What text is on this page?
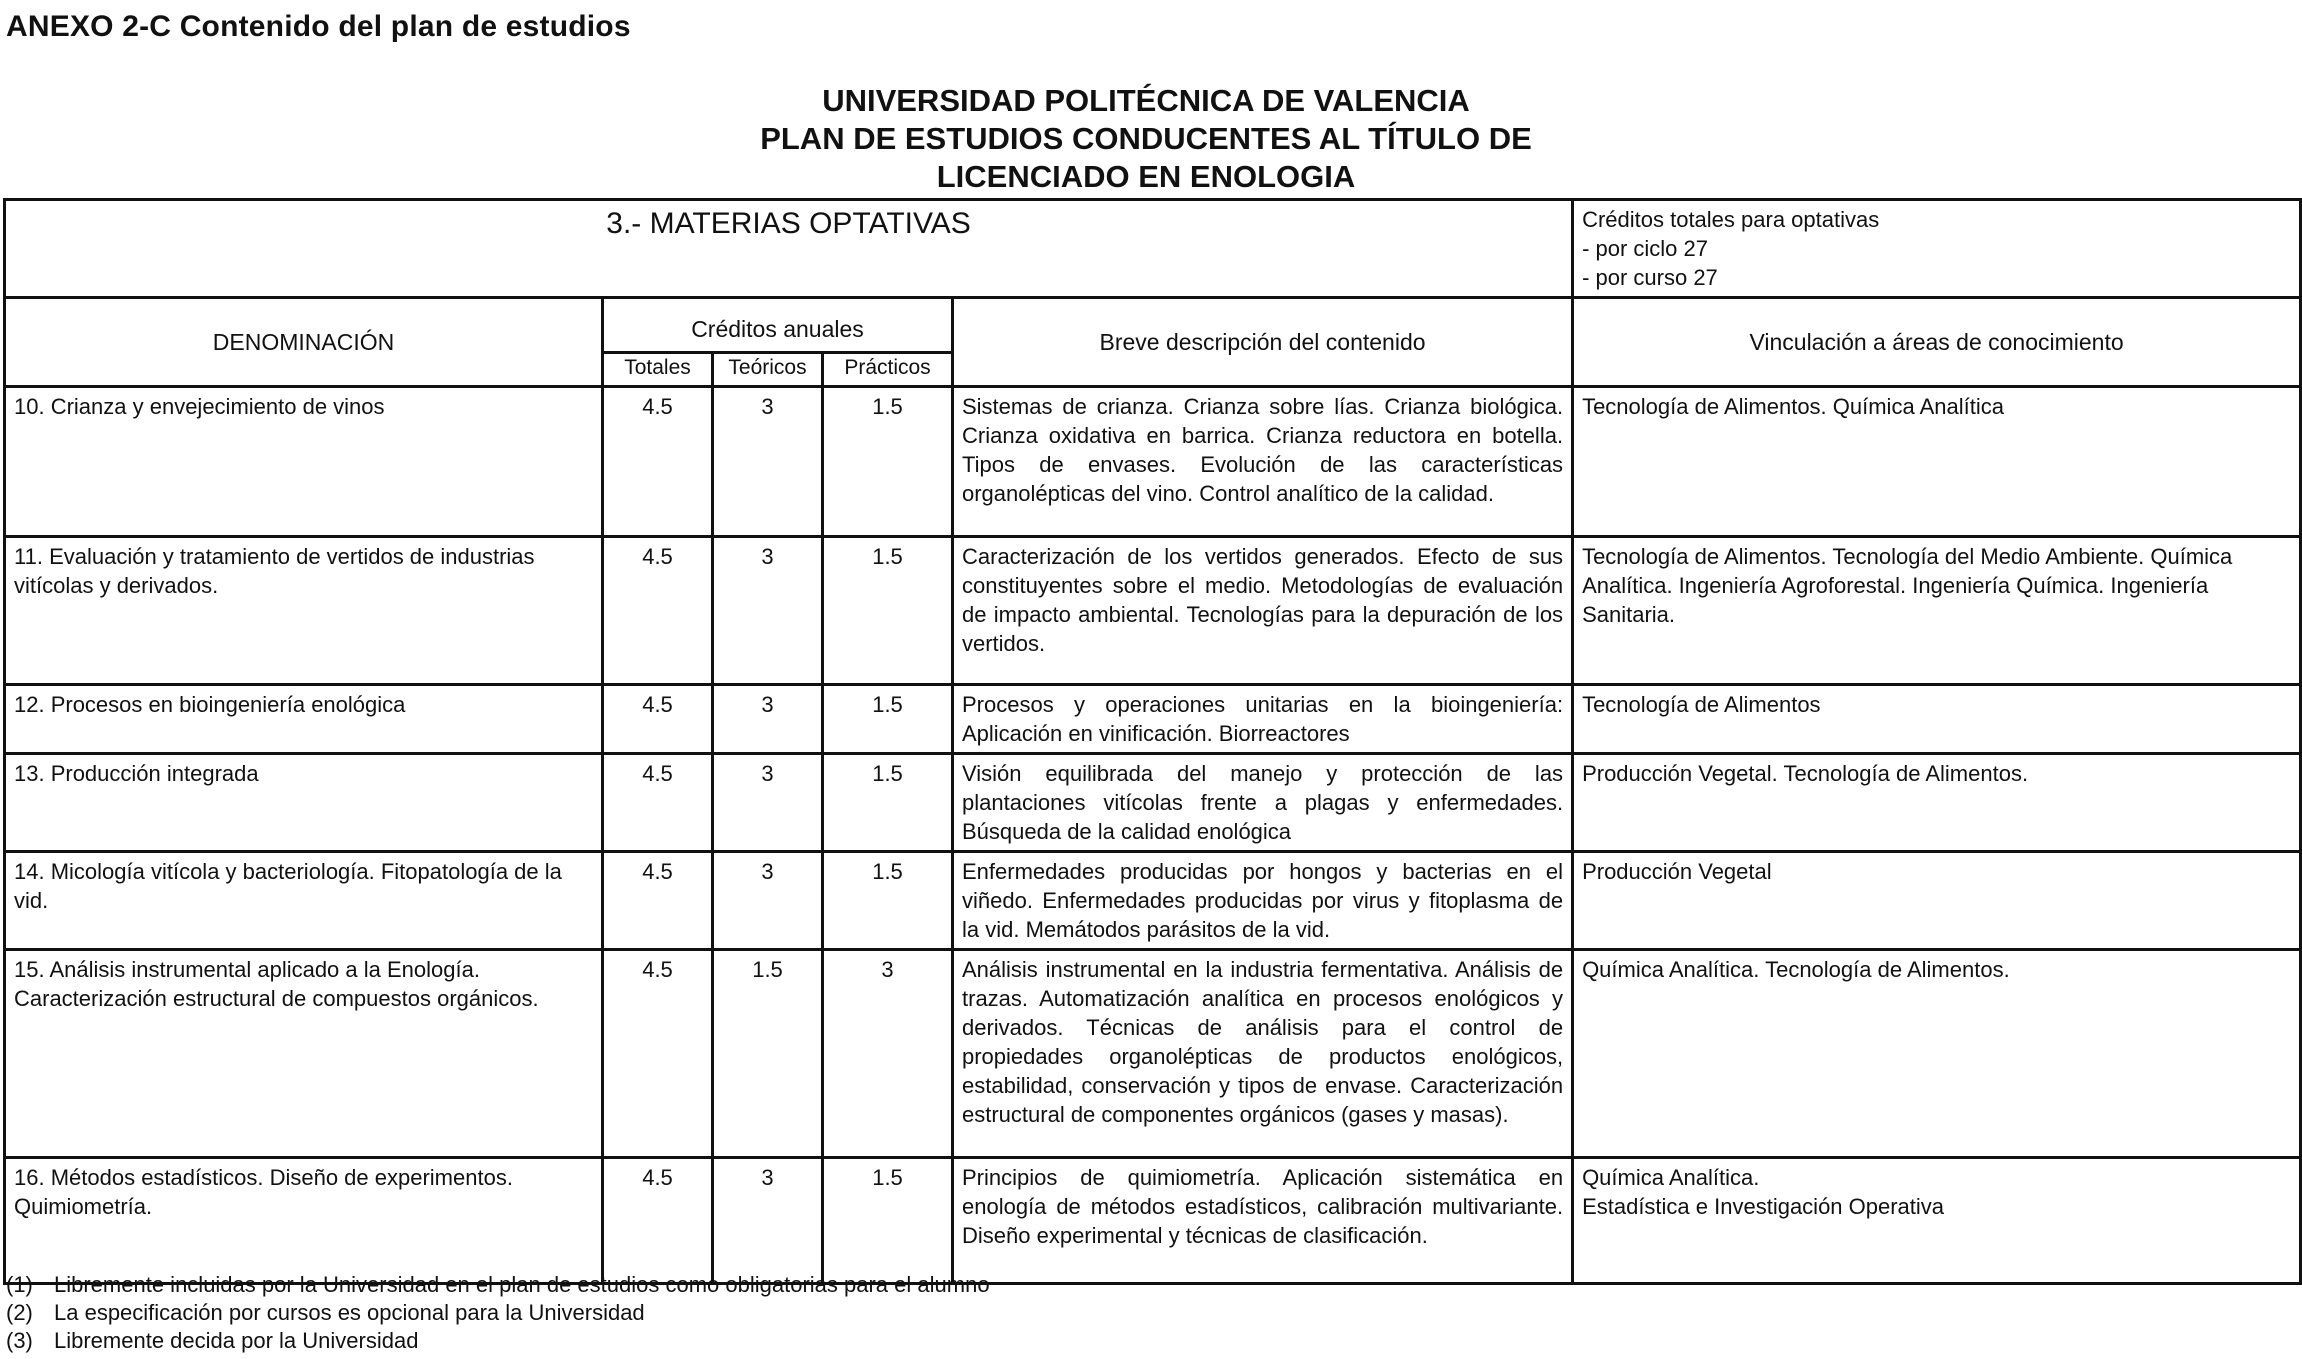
ANEXO 2-C Contenido del plan de estudios
UNIVERSIDAD POLITÉCNICA DE VALENCIA
PLAN DE ESTUDIOS CONDUCENTES AL TÍTULO DE
LICENCIADO EN ENOLOGIA
3.- MATERIAS OPTATIVAS					Créditos totales para optativas
- por ciclo 27
- por curso 27

DENOMINACIÓN	Créditos anuales			Breve descripción del contenido	Vinculación a áreas de conocimiento
	Totales	Teóricos	Prácticos		
10. Crianza y envejecimiento de vinos	4.5	3	1.5	Sistemas de crianza. Crianza sobre lías. Crianza biológica. Crianza oxidativa en barrica. Crianza reductora en botella. Tipos de envases. Evolución de las características organolépticas del vino. Control analítico de la calidad.	Tecnología de Alimentos. Química Analítica
11. Evaluación y tratamiento de vertidos de industrias vitícolas y derivados.	4.5	3	1.5	Caracterización de los vertidos generados. Efecto de sus constituyentes sobre el medio. Metodologías de evaluación de impacto ambiental. Tecnologías para la depuración de los vertidos.	Tecnología de Alimentos. Tecnología del Medio Ambiente. Química Analítica. Ingeniería Agroforestal. Ingeniería Química. Ingeniería Sanitaria.
12. Procesos en bioingeniería enológica	4.5	3	1.5	Procesos y operaciones unitarias en la bioingeniería: Aplicación en vinificación. Biorreactores	Tecnología de Alimentos
13. Producción integrada	4.5	3	1.5	Visión equilibrada del manejo y protección de las plantaciones vitícolas frente a plagas y enfermedades. Búsqueda de la calidad enológica	Producción Vegetal. Tecnología de Alimentos.
14. Micología vitícola y bacteriología. Fitopatología de la vid.	4.5	3	1.5	Enfermedades producidas por hongos y bacterias en el viñedo. Enfermedades producidas por virus y fitoplasma de la vid. Memátodos parásitos de la vid.	Producción Vegetal
15. Análisis instrumental aplicado a la Enología. Caracterización estructural de compuestos orgánicos.	4.5	1.5	3	Análisis instrumental en la industria fermentativa. Análisis de trazas. Automatización analítica en procesos enológicos y derivados. Técnicas de análisis para el control de propiedades organolépticas de productos enológicos, estabilidad, conservación y tipos de envase. Caracterización estructural de componentes orgánicos (gases y masas).	Química Analítica. Tecnología de Alimentos.
16. Métodos estadísticos. Diseño de experimentos. Quimiometría.	4.5	3	1.5	Principios de quimiometría. Aplicación sistemática en enología de métodos estadísticos, calibración multivariante. Diseño experimental y técnicas de clasificación.	Química Analítica.
Estadística e Investigación Operativa
(1) Libremente incluidas por la Universidad en el plan de estudios como obligatorias para el alumno
(2) La especificación por cursos es opcional para la Universidad
(3) Libremente decida por la Universidad
